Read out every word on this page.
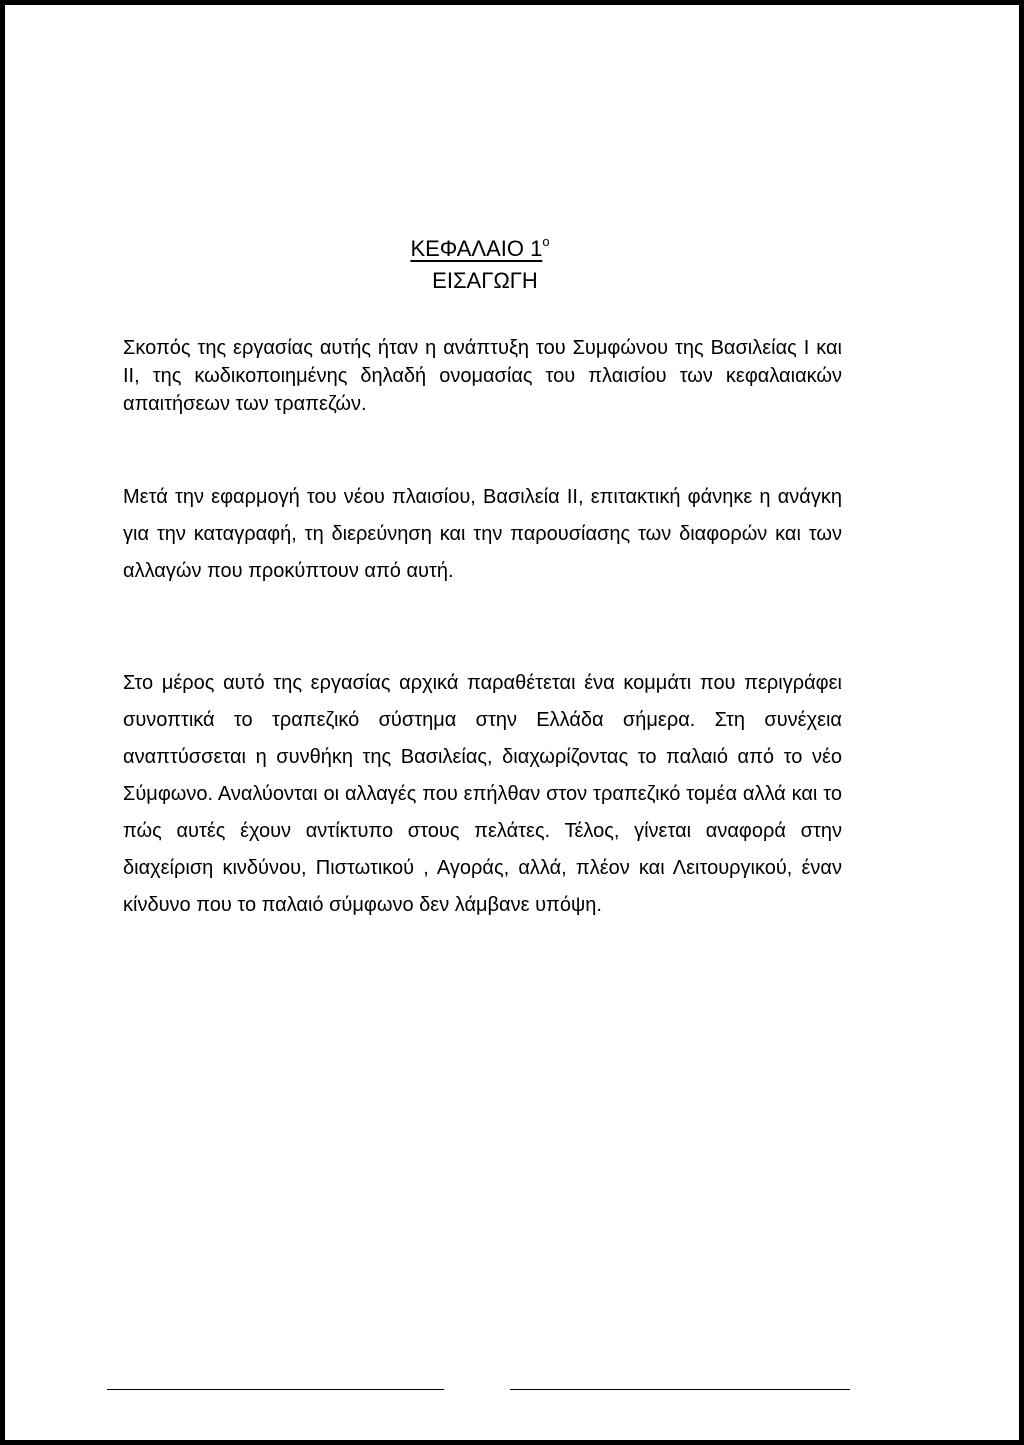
ΚΕΦΑΛΑΙΟ $1^o$
ΕΙΣΑΓΩΓΗ

Σκοπός της εργασίας αυτής ήταν η ανάπτυξη του Συμφώνου της Βασιλείας I και II, της κωδικοποιημένης δηλαδή ονομασίας του πλαισίου των κεφαλαιακών απαιτήσεων των τραπεζών.

Μετά την εφαρμογή του νέου πλαισίου, Βασιλεία II, επιτακτική φάνηκε η ανάγκη για την καταγραφή, τη διερεύνηση και την παρουσίασης των διαφορών και των αλλαγών που προκύπτουν από αυτή.

Στο μέρος αυτό της εργασίας αρχικά παραθέτεται ένα κομμάτι που περιγράφει συνοπτικά το τραπεζικό σύστημα στην Ελλάδα σήμερα. Στη συνέχεια αναπτύσσεται η συνθήκη της Βασιλείας, διαχωρίζοντας το παλαιό από το νέο Σύμφωνο. Αναλύονται οι αλλαγές που επήλθαν στον τραπεζικό τομέα αλλά και το πώς αυτές έχουν αντίκτυπο στους πελάτες. Τέλος, γίνεται αναφορά στην διαχείριση κινδύνου, Πιστωτικού , Αγοράς, αλλά, πλέον και Λειτουργικού, έναν κίνδυνο που το παλαιό σύμφωνο δεν λάμβανε υπόψη.
